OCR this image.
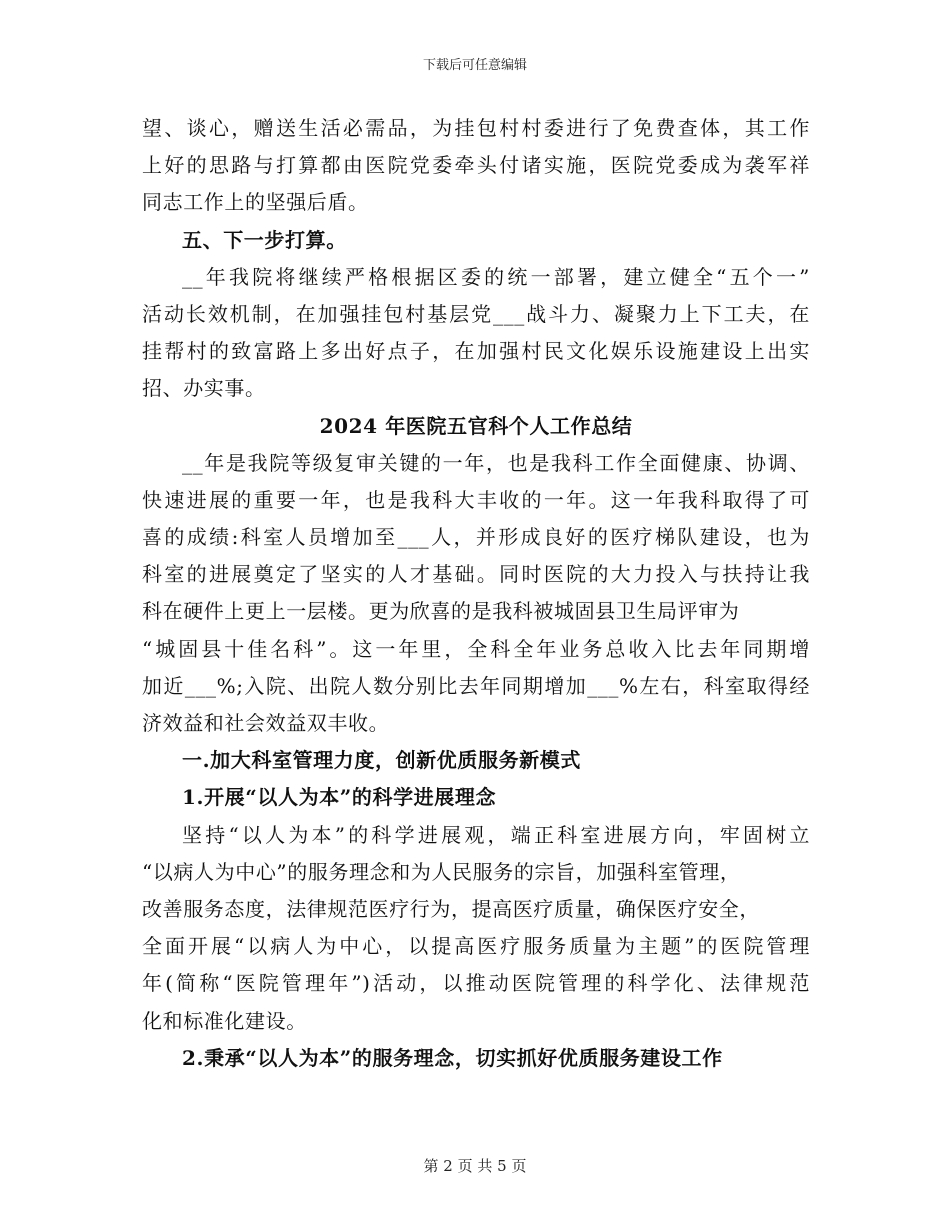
下载后可任意编辑
望、谈心，赠送生活必需品，为挂包村村委进行了免费查体，其工作
上好的思路与打算都由医院党委牵头付诸实施，医院党委成为袭军祥
同志工作上的坚强后盾。
五、下一步打算。
__年我院将继续严格根据区委的统一部署，建立健全“五个一”
活动长效机制，在加强挂包村基层党___战斗力、凝聚力上下工夫，在
挂帮村的致富路上多出好点子，在加强村民文化娱乐设施建设上出实
招、办实事。
2024 年医院五官科个人工作总结
__年是我院等级复审关键的一年，也是我科工作全面健康、协调、
快速进展的重要一年，也是我科大丰收的一年。这一年我科取得了可
喜的成绩:科室人员增加至___人，并形成良好的医疗梯队建设，也为
科室的进展奠定了坚实的人才基础。同时医院的大力投入与扶持让我
科在硬件上更上一层楼。更为欣喜的是我科被城固县卫生局评审为
“城固县十佳名科”。这一年里，全科全年业务总收入比去年同期增
加近___%;入院、出院人数分别比去年同期增加___%左右，科室取得经
济效益和社会效益双丰收。
一.加大科室管理力度，创新优质服务新模式
1.开展“以人为本”的科学进展理念
坚持“以人为本”的科学进展观，端正科室进展方向，牢固树立
“以病人为中心”的服务理念和为人民服务的宗旨，加强科室管理，
改善服务态度，法律规范医疗行为，提高医疗质量，确保医疗安全，
全面开展“以病人为中心，以提高医疗服务质量为主题”的医院管理
年(简称“医院管理年”)活动，以推动医院管理的科学化、法律规范
化和标准化建设。
2.秉承“以人为本”的服务理念，切实抓好优质服务建设工作
第 2 页 共 5 页
